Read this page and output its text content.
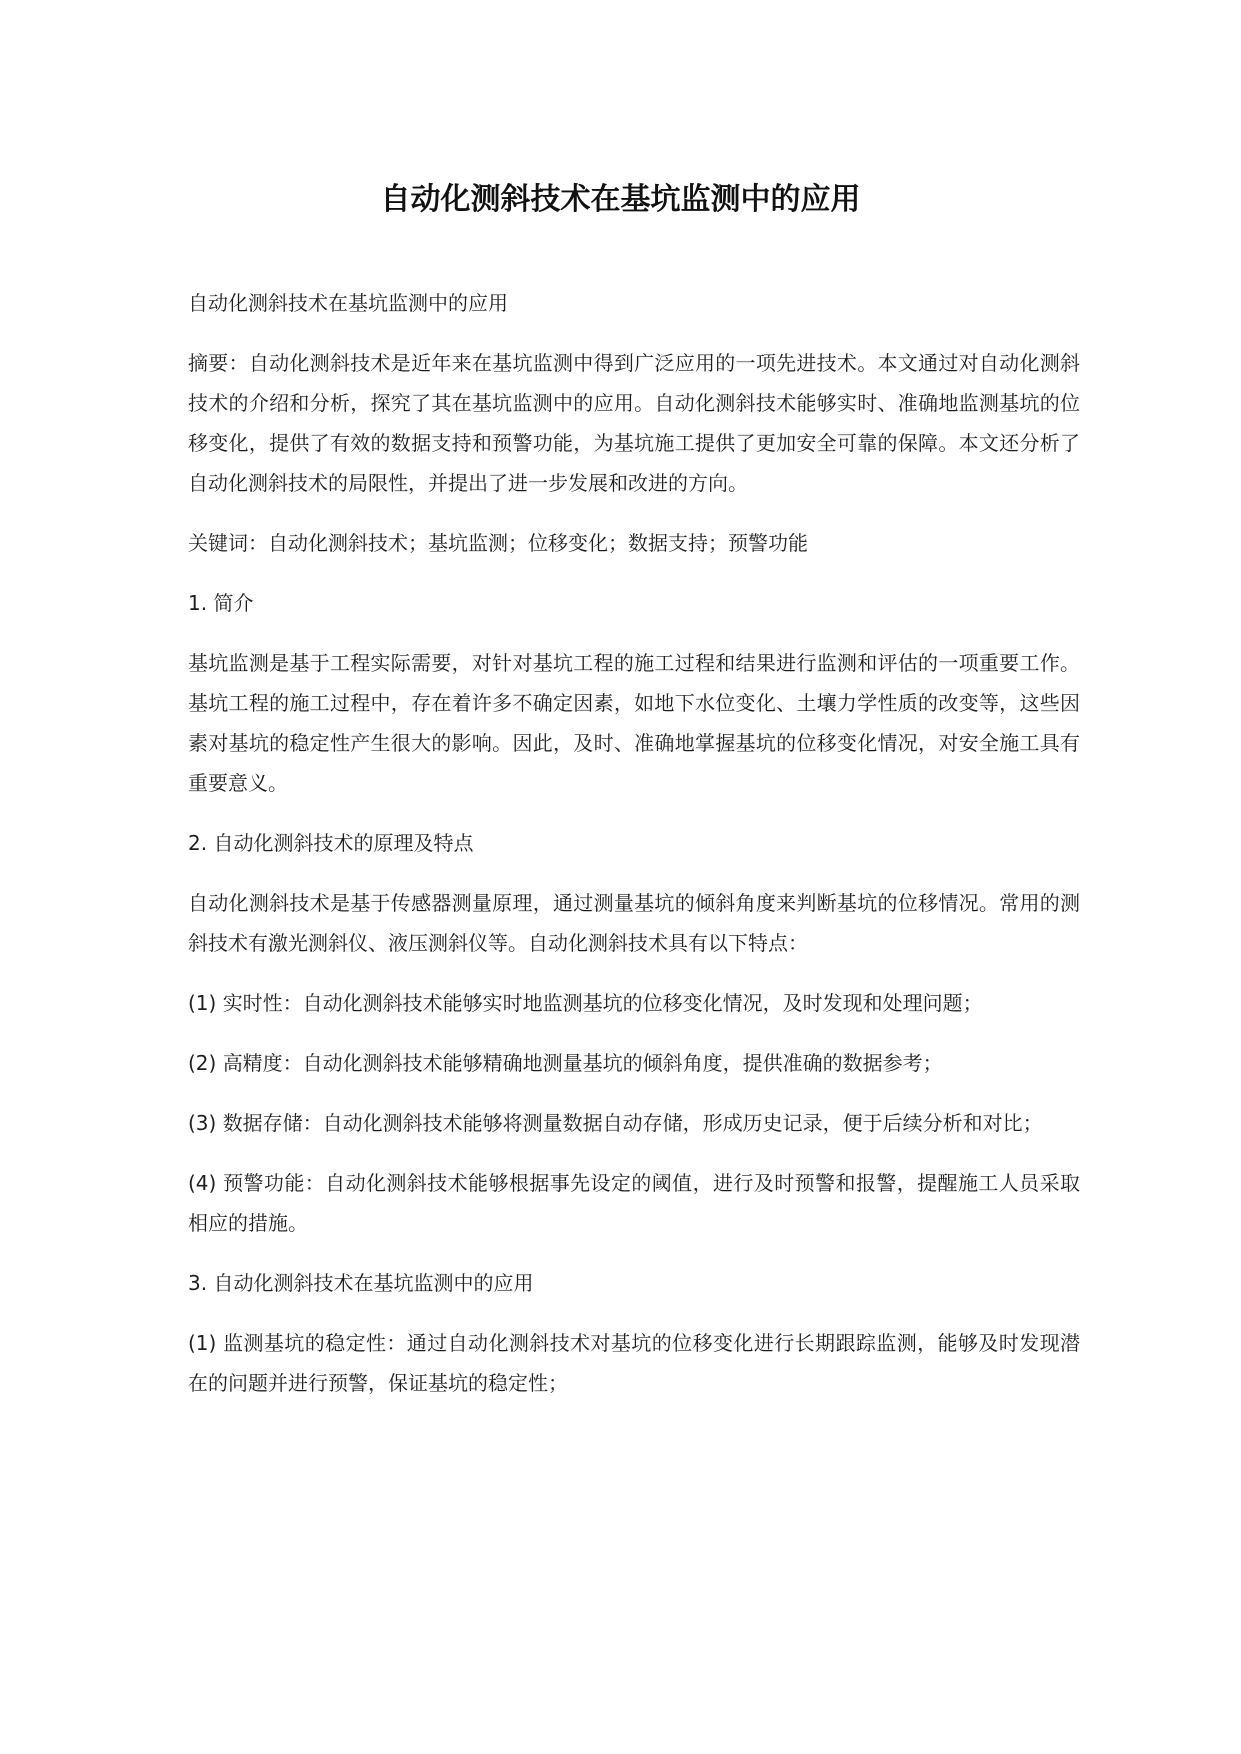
自动化测斜技术在基坑监测中的应用

自动化测斜技术在基坑监测中的应用

摘要：自动化测斜技术是近年来在基坑监测中得到广泛应用的一项先进技术。本文通过对自动化测斜技术的介绍和分析，探究了其在基坑监测中的应用。自动化测斜技术能够实时、准确地监测基坑的位移变化，提供了有效的数据支持和预警功能，为基坑施工提供了更加安全可靠的保障。本文还分析了自动化测斜技术的局限性，并提出了进一步发展和改进的方向。

关键词：自动化测斜技术；基坑监测；位移变化；数据支持；预警功能

1. 简介

基坑监测是基于工程实际需要，对针对基坑工程的施工过程和结果进行监测和评估的一项重要工作。基坑工程的施工过程中，存在着许多不确定因素，如地下水位变化、土壤力学性质的改变等，这些因素对基坑的稳定性产生很大的影响。因此，及时、准确地掌握基坑的位移变化情况，对安全施工具有重要意义。

2. 自动化测斜技术的原理及特点

自动化测斜技术是基于传感器测量原理，通过测量基坑的倾斜角度来判断基坑的位移情况。常用的测斜技术有激光测斜仪、液压测斜仪等。自动化测斜技术具有以下特点：

(1) 实时性：自动化测斜技术能够实时地监测基坑的位移变化情况，及时发现和处理问题；

(2) 高精度：自动化测斜技术能够精确地测量基坑的倾斜角度，提供准确的数据参考；

(3) 数据存储：自动化测斜技术能够将测量数据自动存储，形成历史记录，便于后续分析和对比；

(4) 预警功能：自动化测斜技术能够根据事先设定的阈值，进行及时预警和报警，提醒施工人员采取相应的措施。

3. 自动化测斜技术在基坑监测中的应用

(1) 监测基坑的稳定性：通过自动化测斜技术对基坑的位移变化进行长期跟踪监测，能够及时发现潜在的问题并进行预警，保证基坑的稳定性；
